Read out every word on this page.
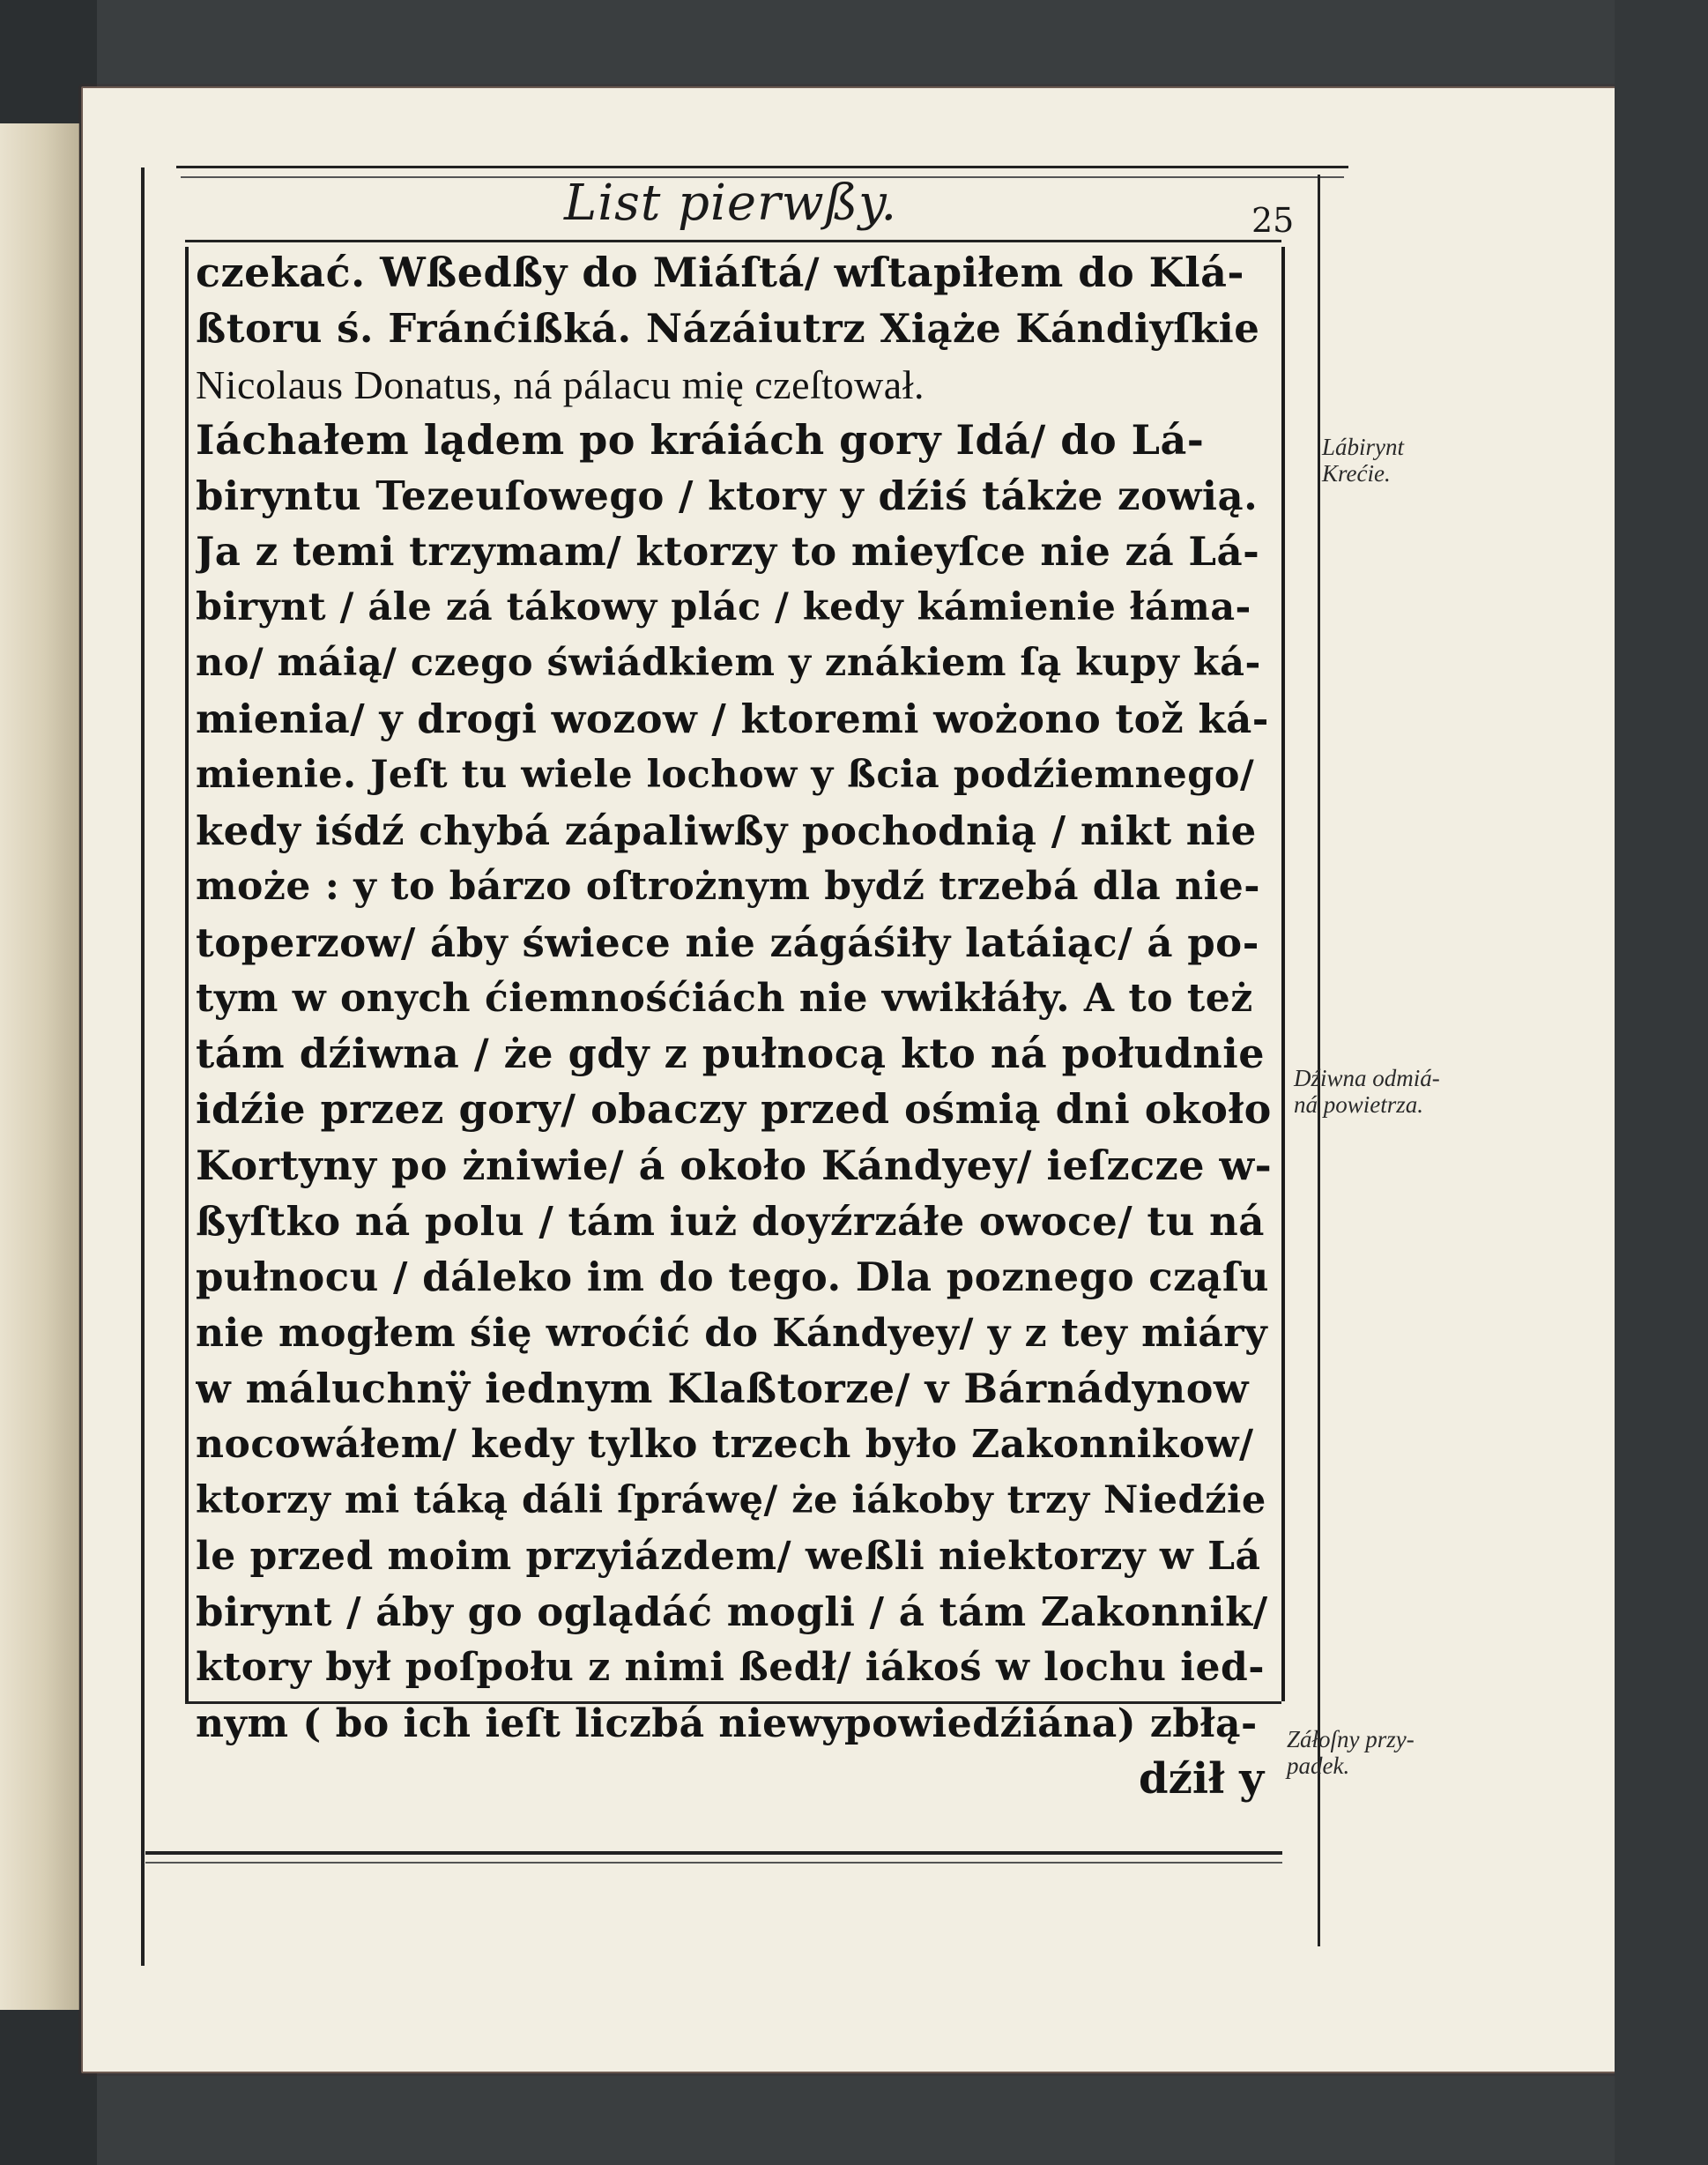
List pierwßy.	25
czekać. Wßedßy do Miáſtá/ wſtapiłem do Klá-
ßtoru ś. Fránćißká. Názáiutrz Xiąże Kándiyſkie
Nicolaus Donatus, ná pálacu mię czeſtował.
Iáchałem lądem po kráiách gory Idá/ do Lá-
biryntu Tezeuſowego / ktory y dźiś tákże zowią.
Ja z temi trzymam/ ktorzy to mieyſce nie zá Lá-
birynt / ále zá tákowy plác / kedy kámienie łáma-
no/ máią/ czego świádkiem y znákiem ſą kupy ká-
mienia/ y drogi wozow / ktoremi wożono tož ká-
mienie. Jeſt tu wiele lochow y ßcia podźiemnego/
kedy iśdź chybá zápaliwßy pochodnią / nikt nie
może : y to bárzo oſtrożnym bydź trzebá dla nie-
toperzow/ áby świece nie zágáśiły latáiąc/ á po-
tym w onych ćiemnośćiách nie vwikłáły. A to też
tám dźiwna / że gdy z pułnocą kto ná południe
idźie przez gory/ obaczy przed ośmią dni około
Kortyny po żniwie/ á około Kándyey/ ieſzcze w-
ßyſtko ná polu / tám iuż doyźrzáłe owoce/ tu ná
pułnocu / dáleko im do tego. Dla poznego cząſu
nie mogłem śię wroćić do Kándyey/ y z tey miáry
w máluchnÿ iednym Klaßtorze/ v Bárnádynow
nocowáłem/ kedy tylko trzech było Zakonnikow/
ktorzy mi táką dáli ſpráwę/ że iákoby trzy Niedźie
le przed moim przyiázdem/ weßli niektorzy w Lá
birynt / áby go oglądáć mogli / á tám Zakonnik/
ktory był poſpołu z nimi ßedł/ iákoś w lochu ied-
nym ( bo ich ieſt liczbá niewypowiedźiána) zbłą-
dźił y
Lábirynt
Krećie.
Dźiwna odmiá-
ná powietrza.
Záłoſny przy-
padek.
